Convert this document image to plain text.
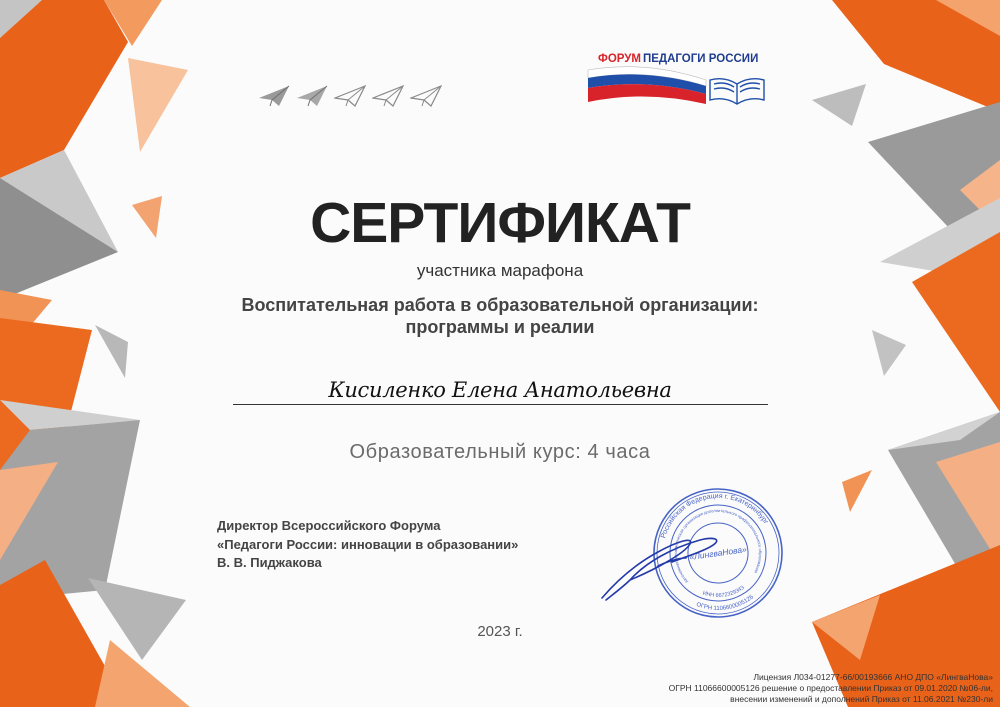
ФОРУМ ПЕДАГОГИ РОССИИ
СЕРТИФИКАТ
участника марафона
Воспитательная работа в образовательной организации:
программы и реалии
Кисиленко Елена Анатольевна
Образовательный курс: 4 часа
Директор Всероссийского Форума
«Педагоги России: инновации в образовании»
В. В. Пиджакова
Российская Федерация г. Екатеринбург
Автономная некоммерческая организация дополнительного профессионального образования
ИНН 6672329343
ОГРН 1106600005126
«ЛингваНова»
2023 г.
Лицензия Л034-01277-66/00193666 АНО ДПО «ЛингваНова»
ОГРН 11066600005126 решение о предоставлении Приказ от 09.01.2020 №06-ли,
внесении изменений и дополнений Приказ от 11.06.2021 №230-ли
